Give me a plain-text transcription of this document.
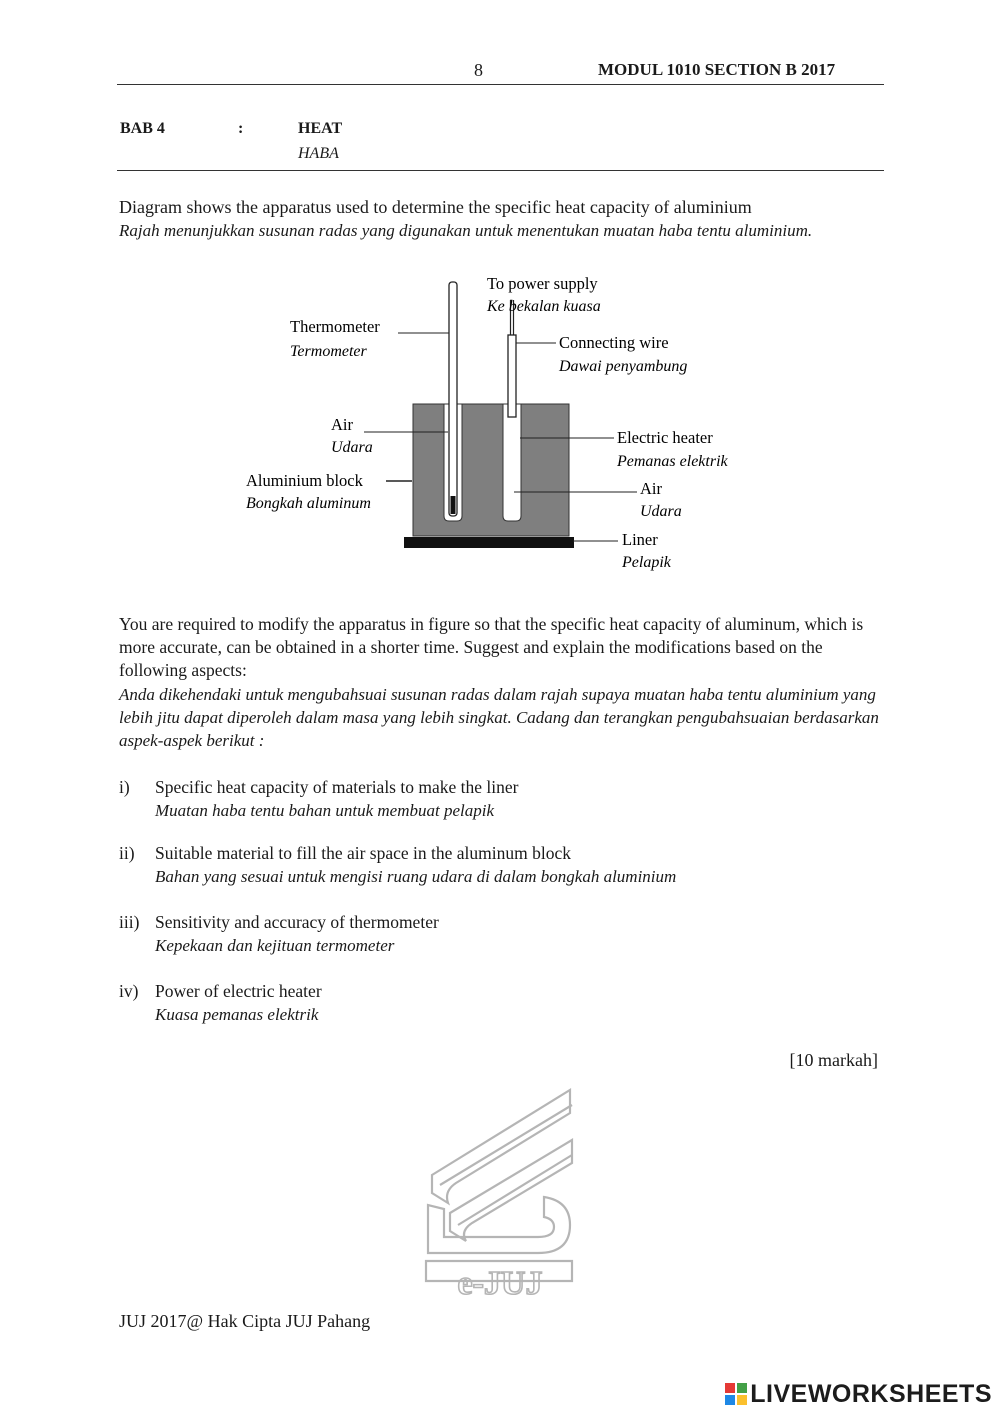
8	MODUL 1010 SECTION B 2017
BAB 4	:	HEAT
HABA
Diagram shows the apparatus used to determine the specific heat capacity of aluminium
Rajah menunjukkan susunan radas yang digunakan untuk menentukan muatan haba tentu aluminium.
Thermometer
Termometer
To power supply
Ke bekalan kuasa
Connecting wire
Dawai penyambung
Air
Udara
Electric heater
Pemanas elektrik
Aluminium block
Bongkah aluminum
Air
Udara
Liner
Pelapik
You are required to modify the apparatus in figure so that the specific heat capacity of aluminum, which is more accurate, can be obtained in a shorter time. Suggest and explain the modifications based on the following aspects:
Anda dikehendaki untuk mengubahsuai susunan radas dalam rajah supaya muatan haba tentu aluminium yang lebih jitu dapat diperoleh dalam masa yang lebih singkat. Cadang dan terangkan pengubahsuaian berdasarkan aspek-aspek berikut :
i) Specific heat capacity of materials to make the liner
Muatan haba tentu bahan untuk membuat pelapik
ii) Suitable material to fill the air space in the aluminum block
Bahan yang sesuai untuk mengisi ruang udara di dalam bongkah aluminium
iii) Sensitivity and accuracy of thermometer
Kepekaan dan kejituan termometer
iv) Power of electric heater
Kuasa pemanas elektrik
[10 markah]
e-JUJ
JUJ 2017@ Hak Cipta JUJ Pahang
LIVEWORKSHEETS
